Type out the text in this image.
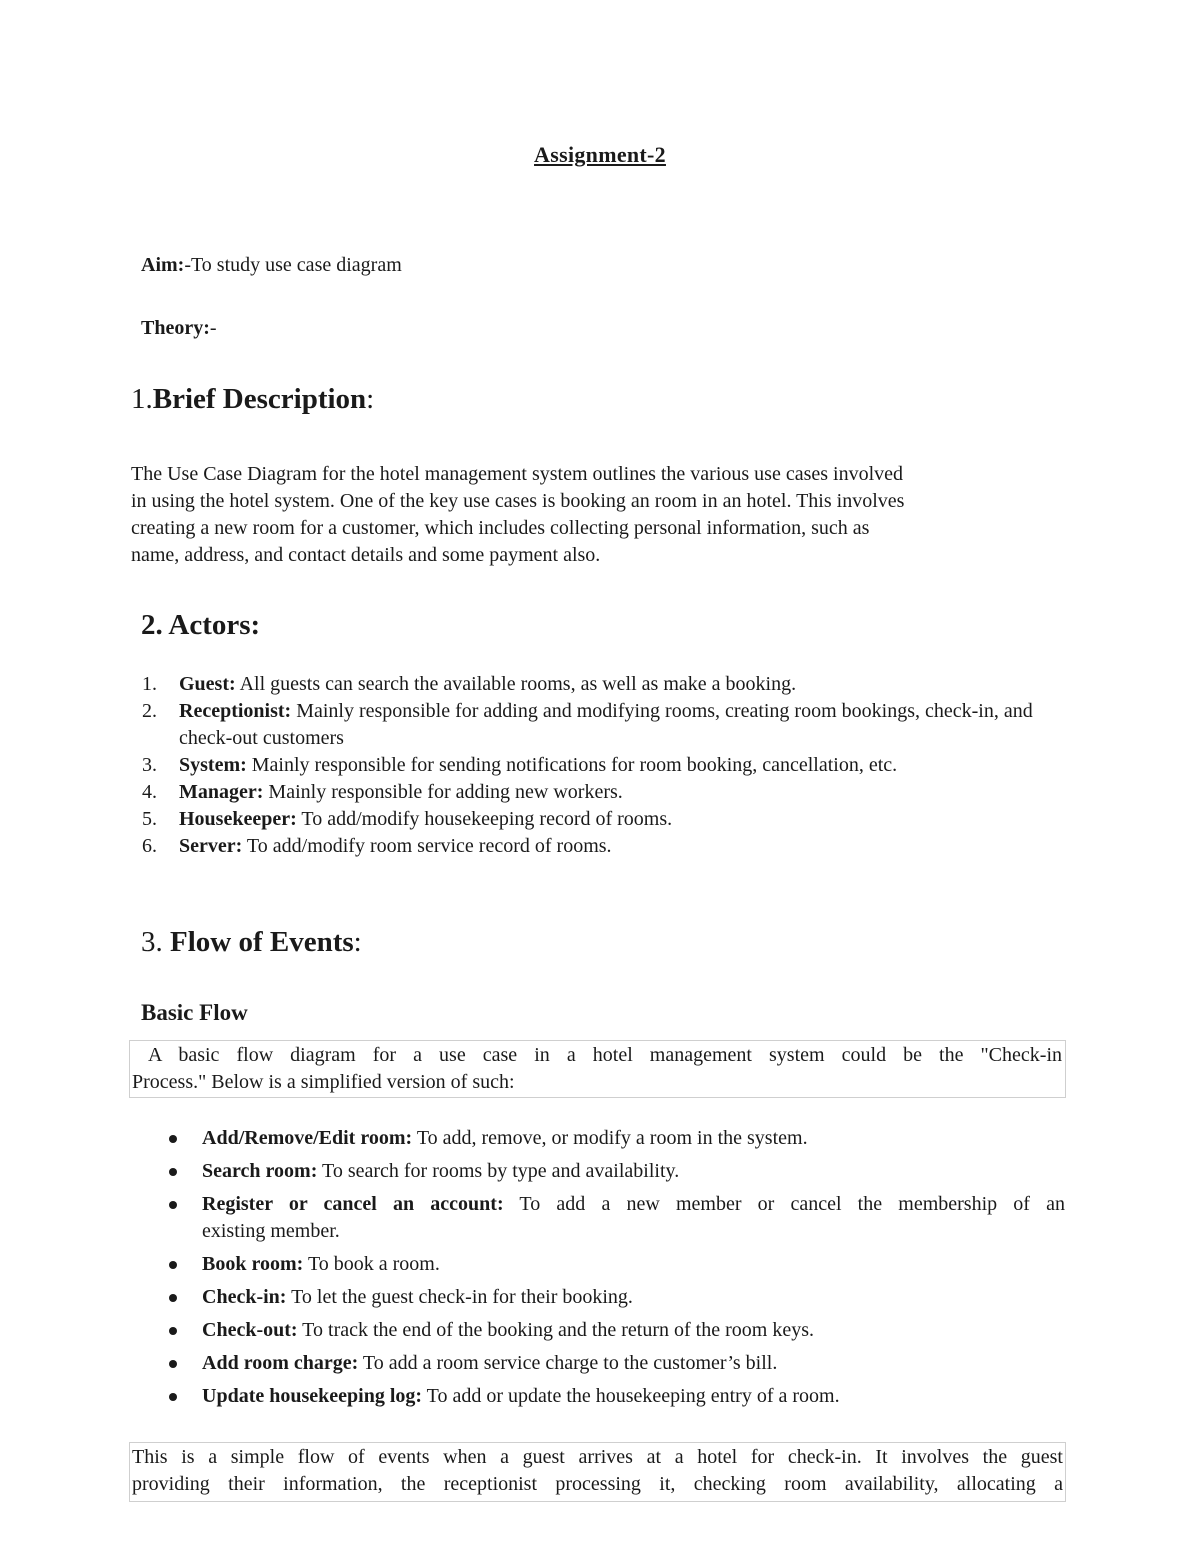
Assignment-2
Aim:-To study use case diagram
Theory:-
1.Brief Description:

The Use Case Diagram for the hotel management system outlines the various use cases involved

in using the hotel system. One of the key use cases is booking an room in an hotel. This involves

creating a new room for a customer, which includes collecting personal information, such as

name, address, and contact details and some payment also.

2. Actors:
1. Guest: All guests can search the available rooms, as well as make a booking.
2. Receptionist: Mainly responsible for adding and modifying rooms, creating room bookings, check-in, and check-out customers
3. System: Mainly responsible for sending notifications for room booking, cancellation, etc.
4. Manager: Mainly responsible for adding new workers.
5. Housekeeper: To add/modify housekeeping record of rooms.
6. Server: To add/modify room service record of rooms.
3. Flow of Events:
Basic Flow
A basic flow diagram for a use case in a hotel management system could be the "Check-in
Process." Below is a simplified version of such:
Add/Remove/Edit room: To add, remove, or modify a room in the system.
Search room: To search for rooms by type and availability.
Register or cancel an account: To add a new member or cancel the membership of an
existing member.
Book room: To book a room.
Check-in: To let the guest check-in for their booking.
Check-out: To track the end of the booking and the return of the room keys.
Add room charge: To add a room service charge to the customer’s bill.
Update housekeeping log: To add or update the housekeeping entry of a room.
This is a simple flow of events when a guest arrives at a hotel for check-in. It involves the guest
providing their information, the receptionist processing it, checking room availability, allocating a
